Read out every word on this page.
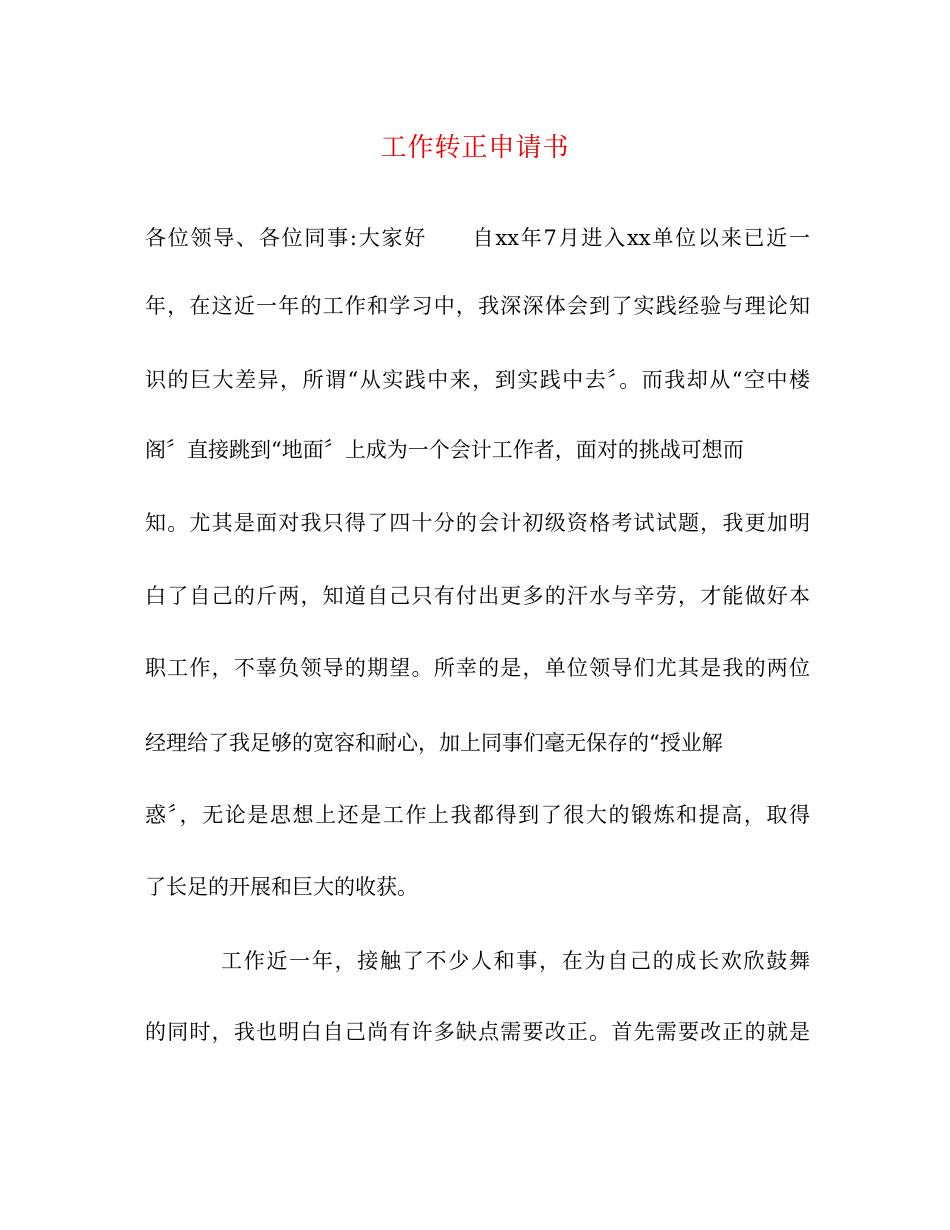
工作转正申请书
各位领导、各位同事:大家好　　自xx年7月进入xx单位以来已近一
年，在这近一年的工作和学习中，我深深体会到了实践经验与理论知
识的巨大差异，所谓“从实践中来，到实践中去〞。而我却从“空中楼
阁〞直接跳到“地面〞上成为一个会计工作者，面对的挑战可想而
知。尤其是面对我只得了四十分的会计初级资格考试试题，我更加明
白了自己的斤两，知道自己只有付出更多的汗水与辛劳，才能做好本
职工作，不辜负领导的期望。所幸的是，单位领导们尤其是我的两位
经理给了我足够的宽容和耐心，加上同事们毫无保存的“授业解
惑〞，无论是思想上还是工作上我都得到了很大的锻炼和提高，取得
了长足的开展和巨大的收获。
工作近一年，接触了不少人和事，在为自己的成长欢欣鼓舞
的同时，我也明白自己尚有许多缺点需要改正。首先需要改正的就是
